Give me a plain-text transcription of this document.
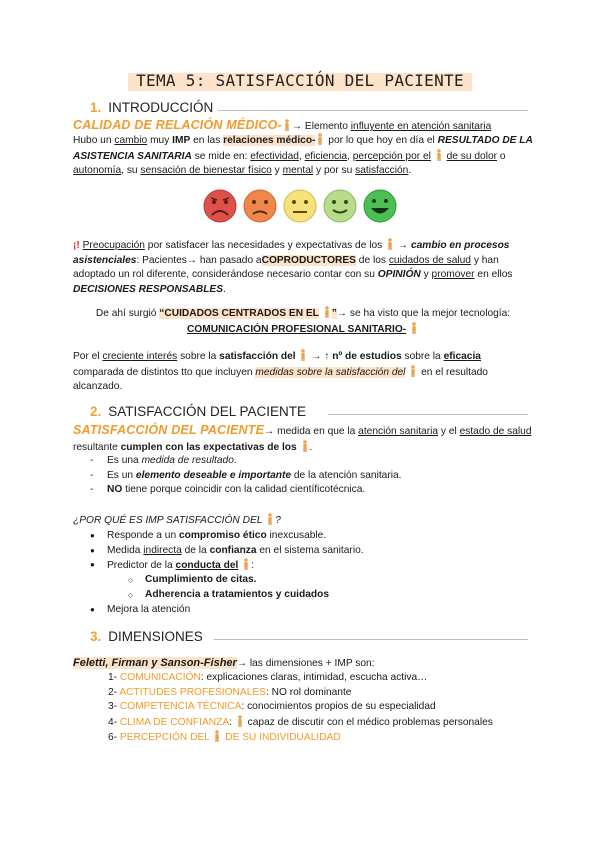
TEMA 5: SATISFACCIÓN DEL PACIENTE
1. INTRODUCCIÓN
CALIDAD DE RELACIÓN MÉDICO- → Elemento influyente en atención sanitaria
Hubo un cambio muy IMP en las relaciones médico- por lo que hoy en día el RESULTADO DE LA ASISTENCIA SANITARIA se mide en: efectividad, eficiencia, percepción por el de su dolor o autonomía, su sensación de bienestar físico y mental y por su satisfacción.
¡! Preocupación por satisfacer las necesidades y expectativas de los → cambio en procesos asistenciales: Pacientes→ han pasado aCOPRODUCTORES de los cuidados de salud y han adoptado un rol diferente, considerándose necesario contar con su OPINIÓN y promover en ellos DECISIONES RESPONSABLES.
De ahí surgió “CUIDADOS CENTRADOS EN EL ”→ se ha visto que la mejor tecnología:
COMUNICACIÓN PROFESIONAL SANITARIO-
Por el creciente interés sobre la satisfacción del → ↑ nº de estudios sobre la eficacia
comparada de distintos tto que incluyen medidas sobre la satisfacción del en el resultado alcanzado.
2. SATISFACCIÓN DEL PACIENTE
SATISFACCIÓN DEL PACIENTE→ medida en que la atención sanitaria y el estado de salud resultante cumplen con las expectativas de los .
- Es una medida de resultado.
- Es un elemento deseable e importante de la atención sanitaria.
- NO tiene porque coincidir con la calidad científicotécnica.
¿POR QUÉ ES IMP SATISFACCIÓN DEL ?
● Responde a un compromiso ético inexcusable.
● Medida indirecta de la confianza en el sistema sanitario.
● Predictor de la conducta del :
○ Cumplimiento de citas.
○ Adherencia a tratamientos y cuidados
● Mejora la atención
3. DIMENSIONES
Feletti, Firman y Sanson-Fisher→ las dimensiones + IMP son:
1- COMUNICACIÓN: explicaciones claras, intimidad, escucha activa…
2- ACTITUDES PROFESIONALES: NO rol dominante
3- COMPETENCIA TÉCNICA: conocimientos propios de su especialidad
4- CLIMA DE CONFIANZA:  capaz de discutir con el médico problemas personales
6- PERCEPCIÓN DEL DE SU INDIVIDUALIDAD
